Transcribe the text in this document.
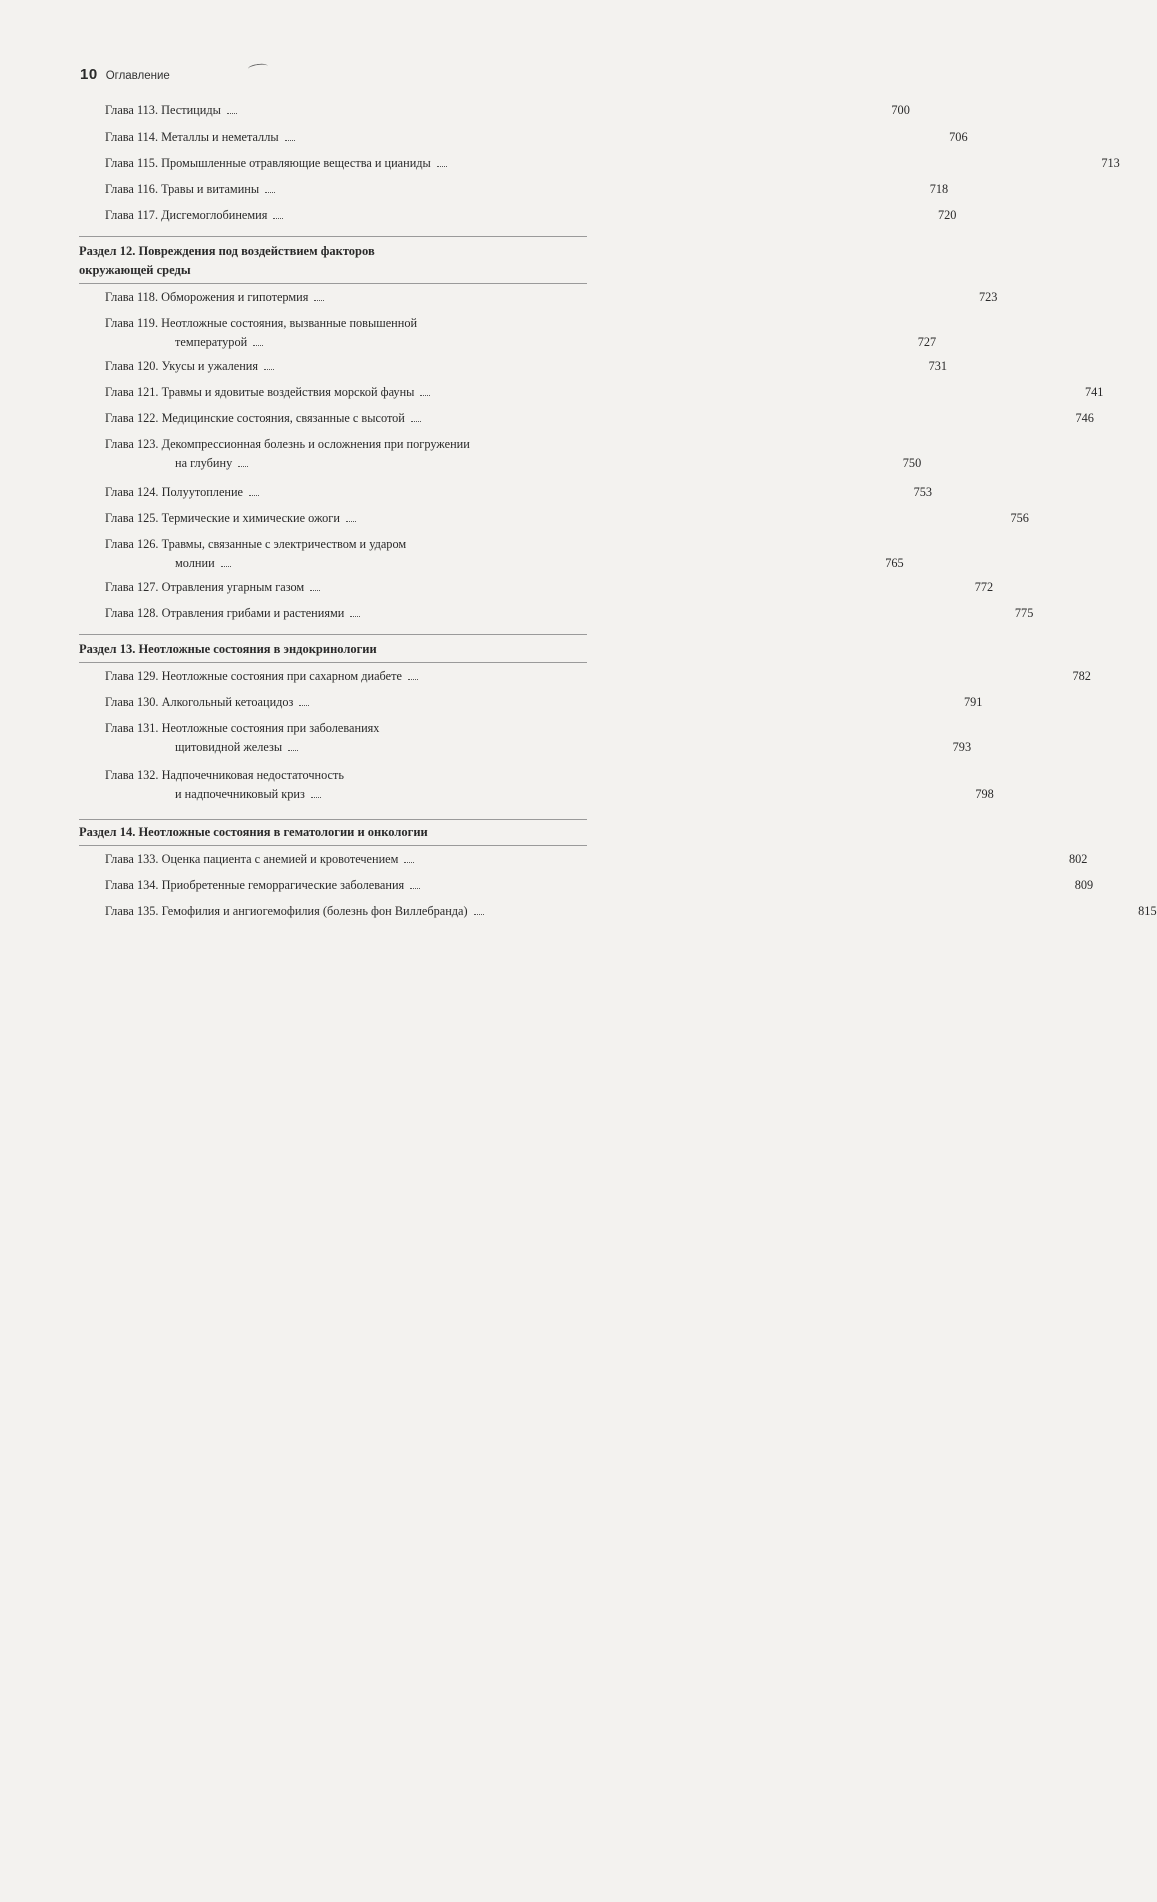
10 Оглавление
Глава 113.
Пестициды	700
Глава 114.
Металлы и неметаллы	706
Глава 115.
Промышленные отравляющие вещества и цианиды	713
Глава 116.
Травы и витамины	718
Глава 117.
Дисгемоглобинемия	720
Раздел 12. Повреждения под воздействием факторов
окружающей среды
Глава 118.
Обморожения и гипотермия	723
Глава 119.
Неотложные состояния, вызванные повышенной
температурой	727
Глава 120.
Укусы и ужаления	731
Глава 121.
Травмы и ядовитые воздействия морской фауны	741
Глава 122.
Медицинские состояния, связанные с высотой	746
Глава 123.
Декомпрессионная болезнь и осложнения при погружении
на глубину	750
Глава 124.
Полуутопление	753
Глава 125.
Термические и химические ожоги	756
Глава 126.
Травмы, связанные с электричеством и ударом
молнии	765
Глава 127.
Отравления угарным газом	772
Глава 128.
Отравления грибами и растениями	775
Раздел 13. Неотложные состояния в эндокринологии
Глава 129.
Неотложные состояния при сахарном диабете	782
Глава 130.
Алкогольный кетоацидоз	791
Глава 131.
Неотложные состояния при заболеваниях
щитовидной железы	793
Глава 132.
Надпочечниковая недостаточность
и надпочечниковый криз	798
Раздел 14. Неотложные состояния в гематологии и онкологии
Глава 133.
Оценка пациента с анемией и кровотечением	802
Глава 134.
Приобретенные геморрагические заболевания	809
Глава 135.
Гемофилия и ангиогемофилия (болезнь фон Виллебранда)	815
